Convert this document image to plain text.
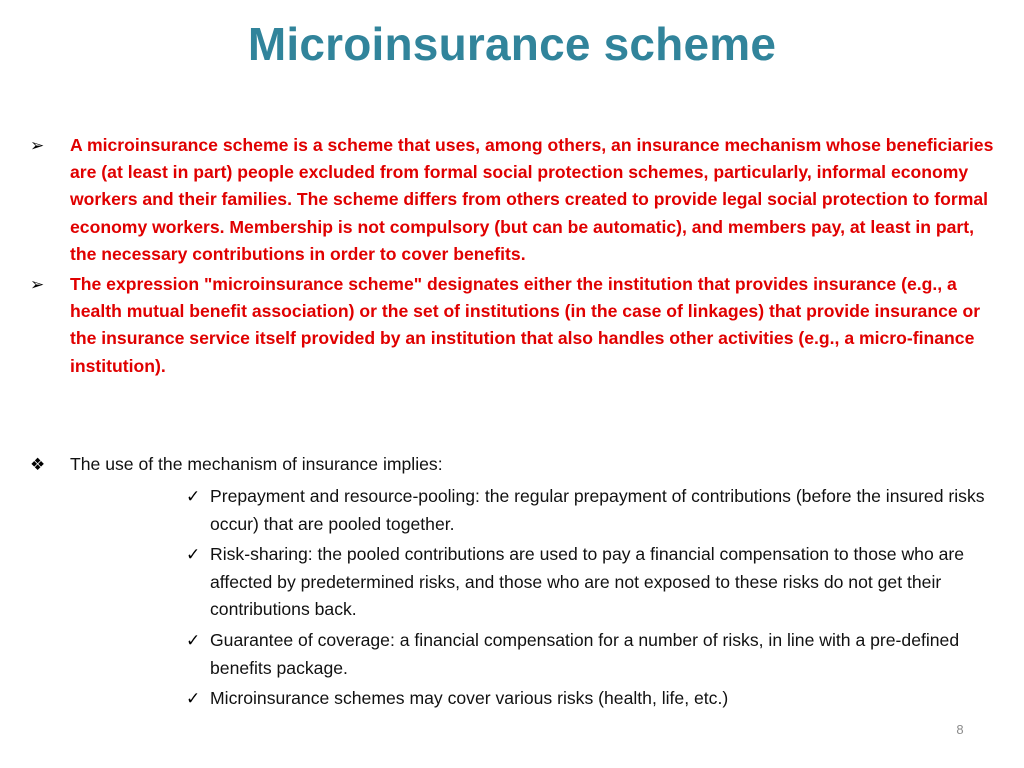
Microinsurance scheme
➢	A microinsurance scheme is a scheme that uses, among others, an insurance mechanism whose beneficiaries are (at least in part) people excluded from formal social protection schemes, particularly, informal economy workers and their families. The scheme differs from others created to provide legal social protection to formal economy workers. Membership is not compulsory (but can be automatic), and members pay, at least in part, the necessary contributions in order to cover benefits.
➢	The expression "microinsurance scheme" designates either the institution that provides insurance (e.g., a health mutual benefit association) or the set of institutions (in the case of linkages) that provide insurance or the insurance service itself provided by an institution that also handles other activities (e.g., a micro-finance institution).
❖ The use of the mechanism of insurance implies:
✓ Prepayment and resource-pooling: the regular prepayment of contributions (before the insured risks occur) that are pooled together.
✓ Risk-sharing: the pooled contributions are used to pay a financial compensation to those who are affected by predetermined risks, and those who are not exposed to these risks do not get their contributions back.
✓ Guarantee of coverage: a financial compensation for a number of risks, in line with a pre-defined benefits package.
✓ Microinsurance schemes may cover various risks (health, life, etc.)
8
